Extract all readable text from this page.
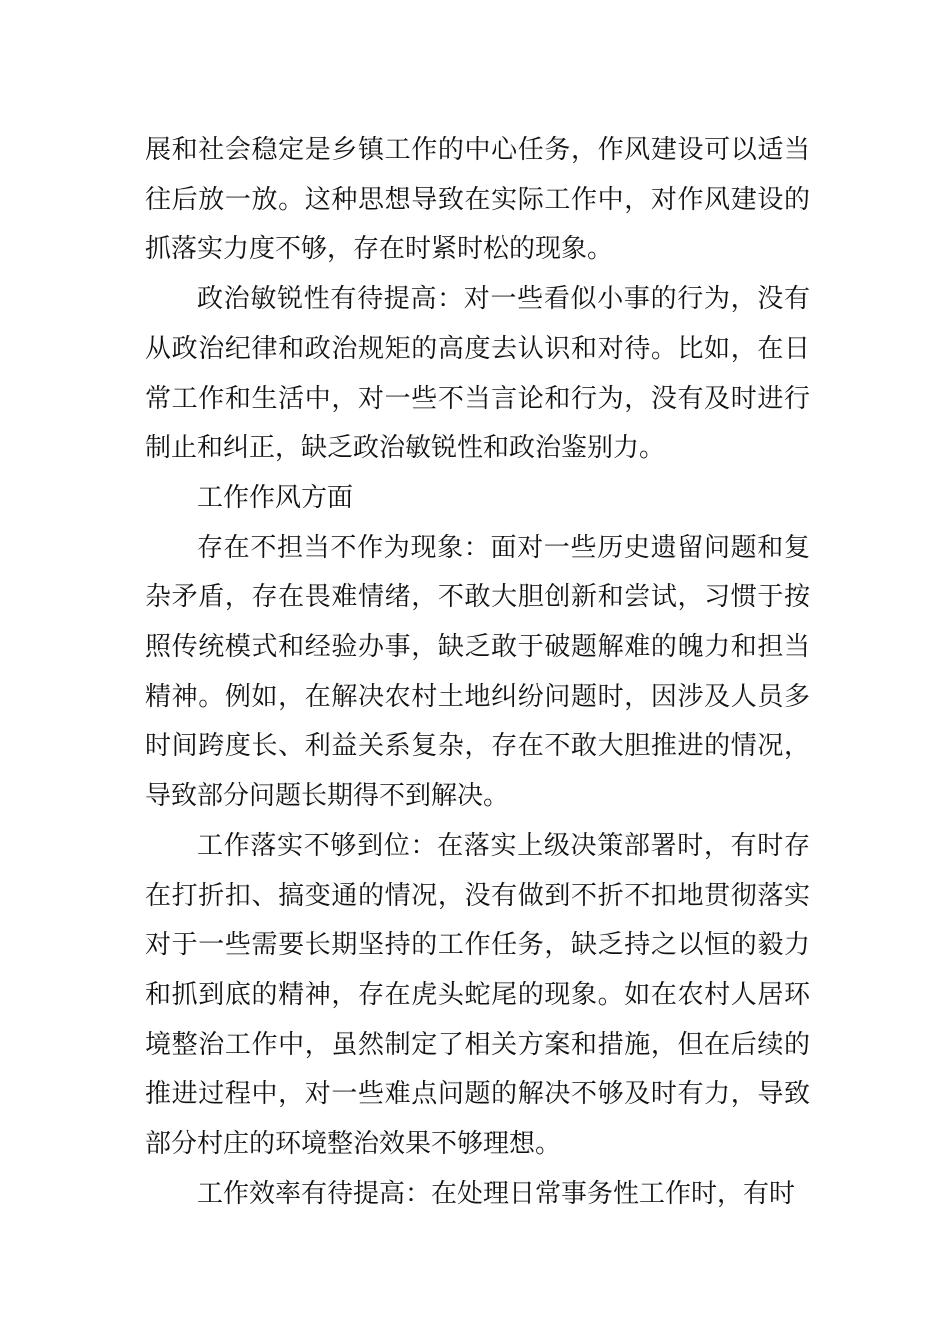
展和社会稳定是乡镇工作的中心任务，作风建设可以适当往后放一放。这种思想导致在实际工作中，对作风建设的抓落实力度不够，存在时紧时松的现象。

政治敏锐性有待提高：对一些看似小事的行为，没有从政治纪律和政治规矩的高度去认识和对待。比如，在日常工作和生活中，对一些不当言论和行为，没有及时进行制止和纠正，缺乏政治敏锐性和政治鉴别力。

工作作风方面

存在不担当不作为现象：面对一些历史遗留问题和复杂矛盾，存在畏难情绪，不敢大胆创新和尝试，习惯于按照传统模式和经验办事，缺乏敢于破题解难的魄力和担当精神。例如，在解决农村土地纠纷问题时，因涉及人员多时间跨度长、利益关系复杂，存在不敢大胆推进的情况，导致部分问题长期得不到解决。

工作落实不够到位：在落实上级决策部署时，有时存在打折扣、搞变通的情况，没有做到不折不扣地贯彻落实对于一些需要长期坚持的工作任务，缺乏持之以恒的毅力和抓到底的精神，存在虎头蛇尾的现象。如在农村人居环境整治工作中，虽然制定了相关方案和措施，但在后续的推进过程中，对一些难点问题的解决不够及时有力，导致部分村庄的环境整治效果不够理想。

工作效率有待提高：在处理日常事务性工作时，有时
